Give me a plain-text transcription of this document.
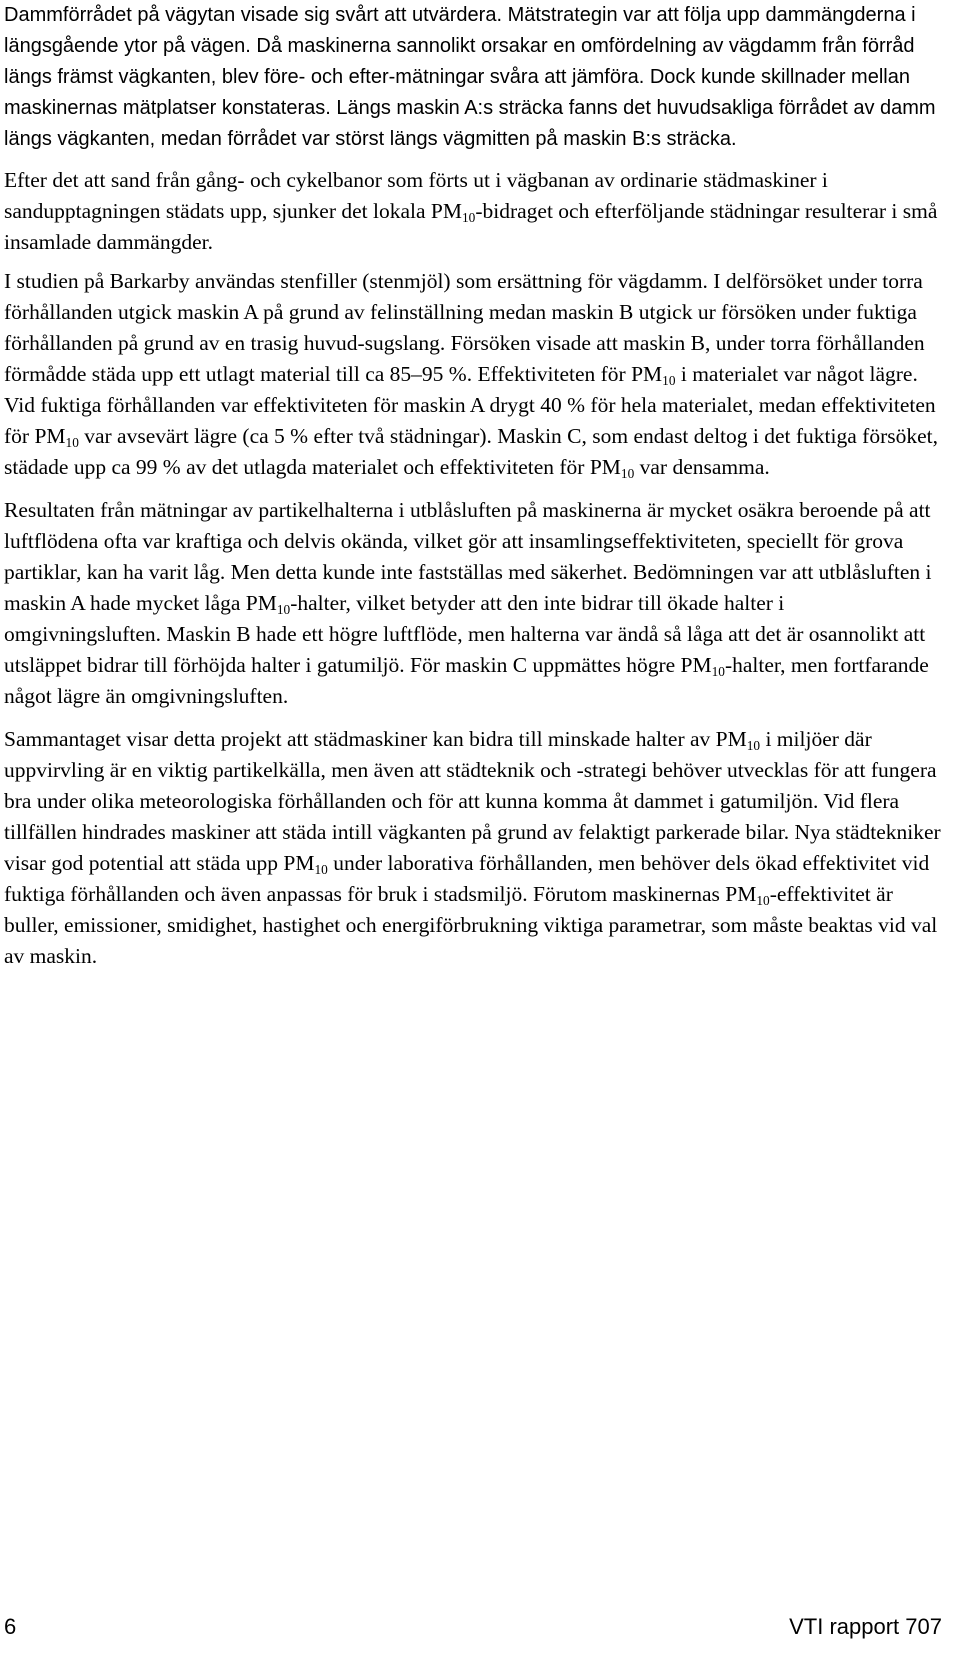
Dammförrådet på vägytan visade sig svårt att utvärdera. Mätstrategin var att följa upp dammängderna i längsgående ytor på vägen. Då maskinerna sannolikt orsakar en omfördelning av vägdamm från förråd längs främst vägkanten, blev före- och efter-mätningar svåra att jämföra. Dock kunde skillnader mellan maskinernas mätplatser konstateras. Längs maskin A:s sträcka fanns det huvudsakliga förrådet av damm längs vägkanten, medan förrådet var störst längs vägmitten på maskin B:s sträcka.

Efter det att sand från gång- och cykelbanor som förts ut i vägbanan av ordinarie städmaskiner i sandupptagningen städats upp, sjunker det lokala $PM_{10}$-bidraget och efterföljande städningar resulterar i små insamlade dammängder.

I studien på Barkarby användas stenfiller (stenmjöl) som ersättning för vägdamm. I delförsöket under torra förhållanden utgick maskin A på grund av felinställning medan maskin B utgick ur försöken under fuktiga förhållanden på grund av en trasig huvud-sugslang. Försöken visade att maskin B, under torra förhållanden förmådde städa upp ett utlagt material till ca 85–95 %. Effektiviteten för $PM_{10}$ i materialet var något lägre. Vid fuktiga förhållanden var effektiviteten för maskin A drygt 40 % för hela materialet, medan effektiviteten för $PM_{10}$ var avsevärt lägre (ca 5 % efter två städningar). Maskin C, som endast deltog i det fuktiga försöket, städade upp ca 99 % av det utlagda materialet och effektiviteten för $PM_{10}$ var densamma.

Resultaten från mätningar av partikelhalterna i utblåsluften på maskinerna är mycket osäkra beroende på att luftflödena ofta var kraftiga och delvis okända, vilket gör att insamlingseffektiviteten, speciellt för grova partiklar, kan ha varit låg. Men detta kunde inte fastställas med säkerhet. Bedömningen var att utblåsluften i maskin A hade mycket låga $PM_{10}$-halter, vilket betyder att den inte bidrar till ökade halter i omgivningsluften. Maskin B hade ett högre luftflöde, men halterna var ändå så låga att det är osannolikt att utsläppet bidrar till förhöjda halter i gatumiljö. För maskin C uppmättes högre $PM_{10}$-halter, men fortfarande något lägre än omgivningsluften.

Sammantaget visar detta projekt att städmaskiner kan bidra till minskade halter av $PM_{10}$ i miljöer där uppvirvling är en viktig partikelkälla, men även att städteknik och -strategi behöver utvecklas för att fungera bra under olika meteorologiska förhållanden och för att kunna komma åt dammet i gatumiljön. Vid flera tillfällen hindrades maskiner att städa intill vägkanten på grund av felaktigt parkerade bilar. Nya städtekniker visar god potential att städa upp $PM_{10}$ under laborativa förhållanden, men behöver dels ökad effektivitet vid fuktiga förhållanden och även anpassas för bruk i stadsmiljö. Förutom maskinernas $PM_{10}$-effektivitet är buller, emissioner, smidighet, hastighet och energiförbrukning viktiga parametrar, som måste beaktas vid val av maskin.

6	VTI rapport 707
